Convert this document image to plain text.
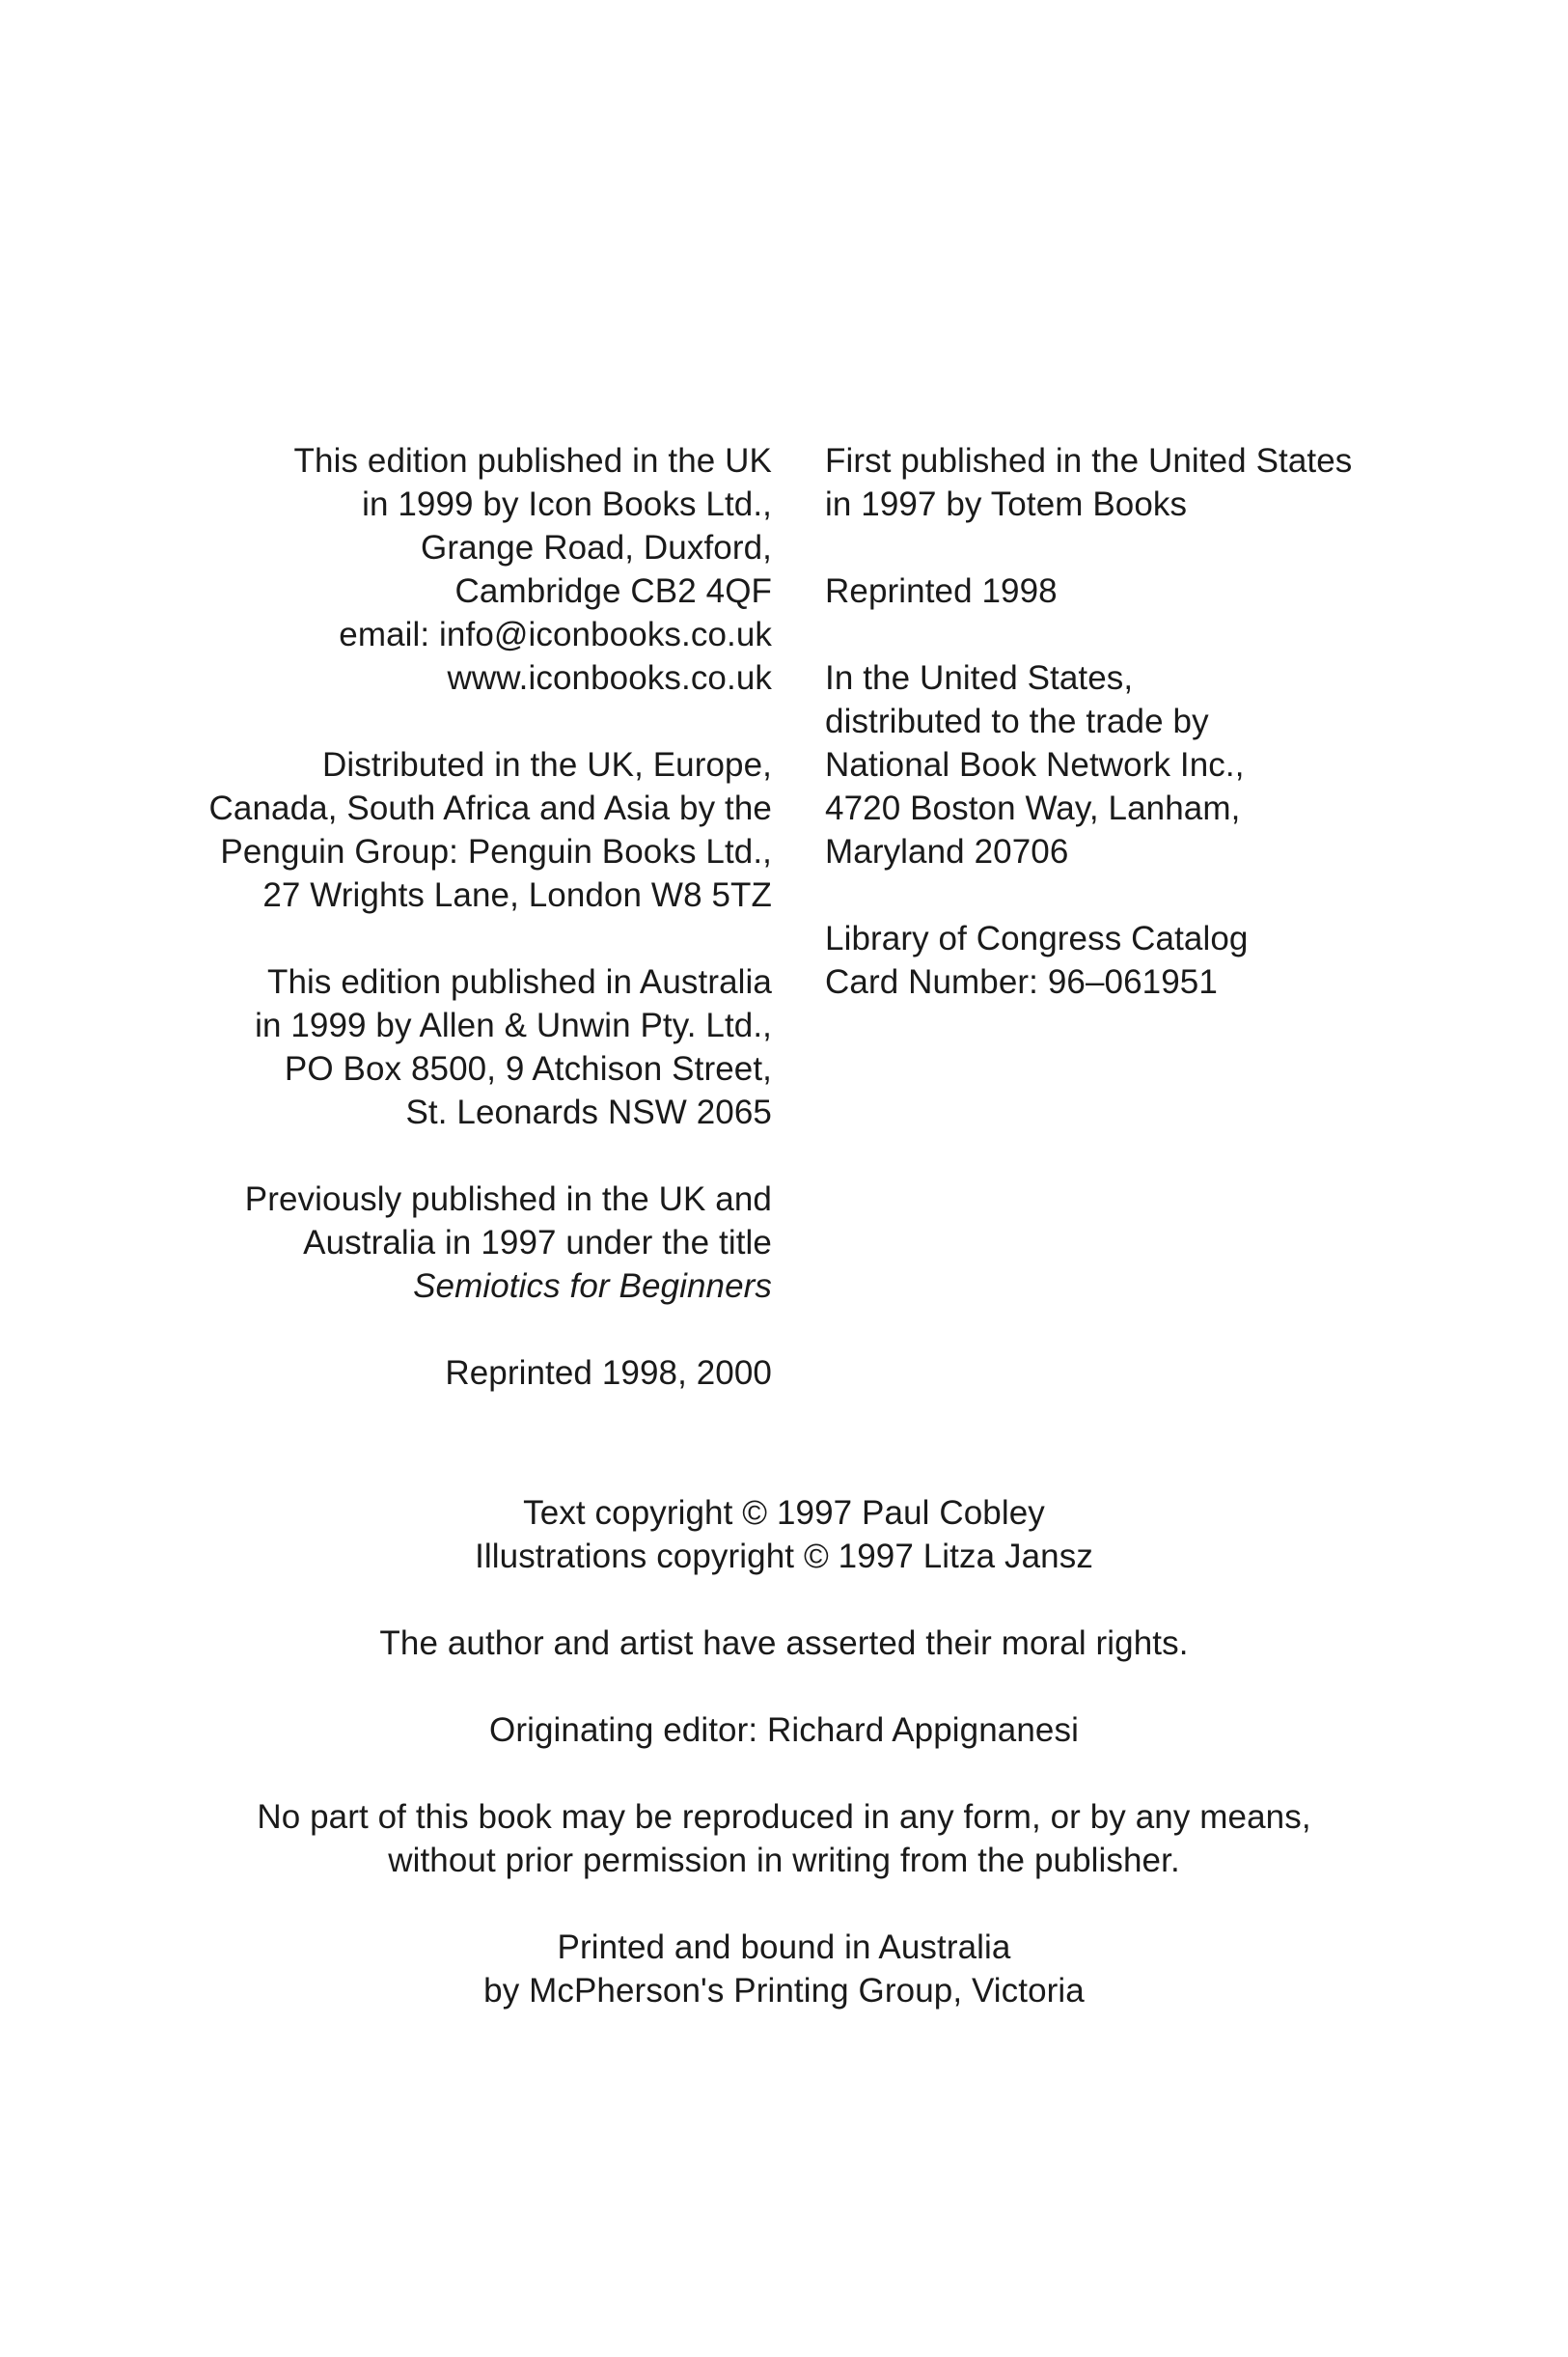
This edition published in the UK
in 1999 by Icon Books Ltd.,
Grange Road, Duxford,
Cambridge CB2 4QF
email: info@iconbooks.co.uk
www.iconbooks.co.uk
Distributed in the UK, Europe,
Canada, South Africa and Asia by the
Penguin Group: Penguin Books Ltd.,
27 Wrights Lane, London W8 5TZ
This edition published in Australia
in 1999 by Allen & Unwin Pty. Ltd.,
PO Box 8500, 9 Atchison Street,
St. Leonards NSW 2065
Previously published in the UK and
Australia in 1997 under the title
Semiotics for Beginners
Reprinted 1998, 2000
First published in the United States
in 1997 by Totem Books
Reprinted 1998
In the United States,
distributed to the trade by
National Book Network Inc.,
4720 Boston Way, Lanham,
Maryland 20706
Library of Congress Catalog
Card Number: 96–061951
Text copyright © 1997 Paul Cobley
Illustrations copyright © 1997 Litza Jansz
The author and artist have asserted their moral rights.
Originating editor: Richard Appignanesi
No part of this book may be reproduced in any form, or by any means,
without prior permission in writing from the publisher.
Printed and bound in Australia
by McPherson's Printing Group, Victoria
